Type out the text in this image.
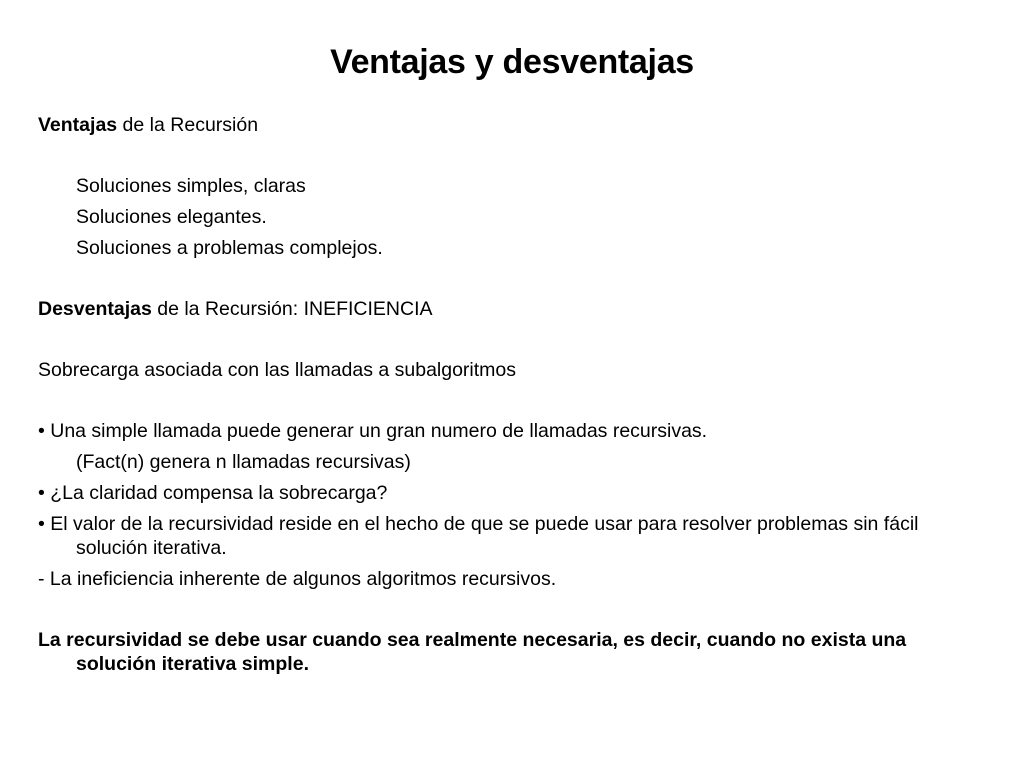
Ventajas y desventajas

Ventajas de la Recursión

Soluciones simples, claras

Soluciones elegantes.

Soluciones a problemas complejos.

Desventajas de la Recursión: INEFICIENCIA

Sobrecarga asociada con las llamadas a subalgoritmos

• Una simple llamada puede generar un gran numero de llamadas recursivas.

(Fact(n) genera n llamadas recursivas)

• ¿La claridad compensa la sobrecarga?

• El valor de la recursividad reside en el hecho de que se puede usar para resolver problemas sin fácil solución iterativa.

- La ineficiencia inherente de algunos algoritmos recursivos.

La recursividad se debe usar cuando sea realmente necesaria, es decir, cuando no exista una solución iterativa simple.
